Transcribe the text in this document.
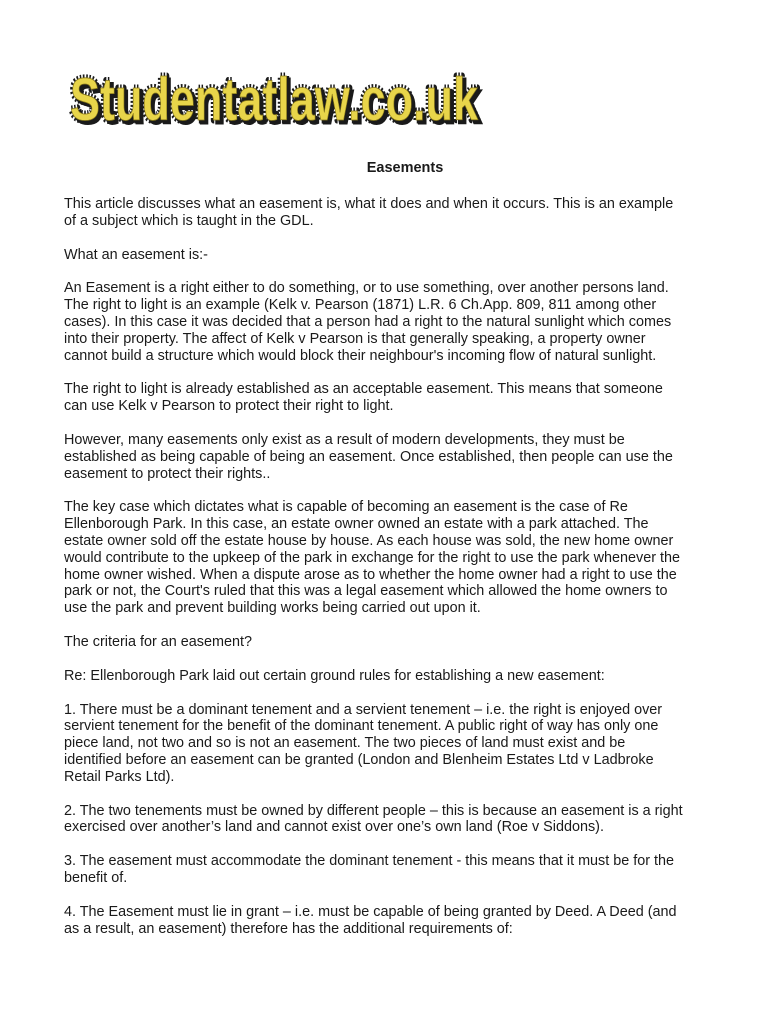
Studentatlaw.co.uk
Studentatlaw.co.uk
Studentatlaw.co.uk
Easements

This article discusses what an easement is, what it does and when it occurs. This is an example
of a subject which is taught in the GDL.

What an easement is:-

An Easement is a right either to do something, or to use something, over another persons land.
The right to light is an example (Kelk v. Pearson (1871) L.R. 6 Ch.App. 809, 811 among other
cases). In this case it was decided that a person had a right to the natural sunlight which comes
into their property. The affect of Kelk v Pearson is that generally speaking, a property owner
cannot build a structure which would block their neighbour's incoming flow of natural sunlight.

The right to light is already established as an acceptable easement. This means that someone
can use Kelk v Pearson to protect their right to light.

However, many easements only exist as a result of modern developments, they must be
established as being capable of being an easement. Once established, then people can use the
easement to protect their rights..

The key case which dictates what is capable of becoming an easement is the case of Re
Ellenborough Park. In this case, an estate owner owned an estate with a park attached. The
estate owner sold off the estate house by house. As each house was sold, the new home owner
would contribute to the upkeep of the park in exchange for the right to use the park whenever the
home owner wished. When a dispute arose as to whether the home owner had a right to use the
park or not, the Court's ruled that this was a legal easement which allowed the home owners to
use the park and prevent building works being carried out upon it.

The criteria for an easement?

Re: Ellenborough Park laid out certain ground rules for establishing a new easement:

1. There must be a dominant tenement and a servient tenement – i.e. the right is enjoyed over
servient tenement for the benefit of the dominant tenement. A public right of way has only one
piece land, not two and so is not an easement. The two pieces of land must exist and be
identified before an easement can be granted (London and Blenheim Estates Ltd v Ladbroke
Retail Parks Ltd).

2. The two tenements must be owned by different people – this is because an easement is a right
exercised over another’s land and cannot exist over one’s own land (Roe v Siddons).

3. The easement must accommodate the dominant tenement - this means that it must be for the
benefit of.

4. The Easement must lie in grant – i.e. must be capable of being granted by Deed. A Deed (and
as a result, an easement) therefore has the additional requirements of:
